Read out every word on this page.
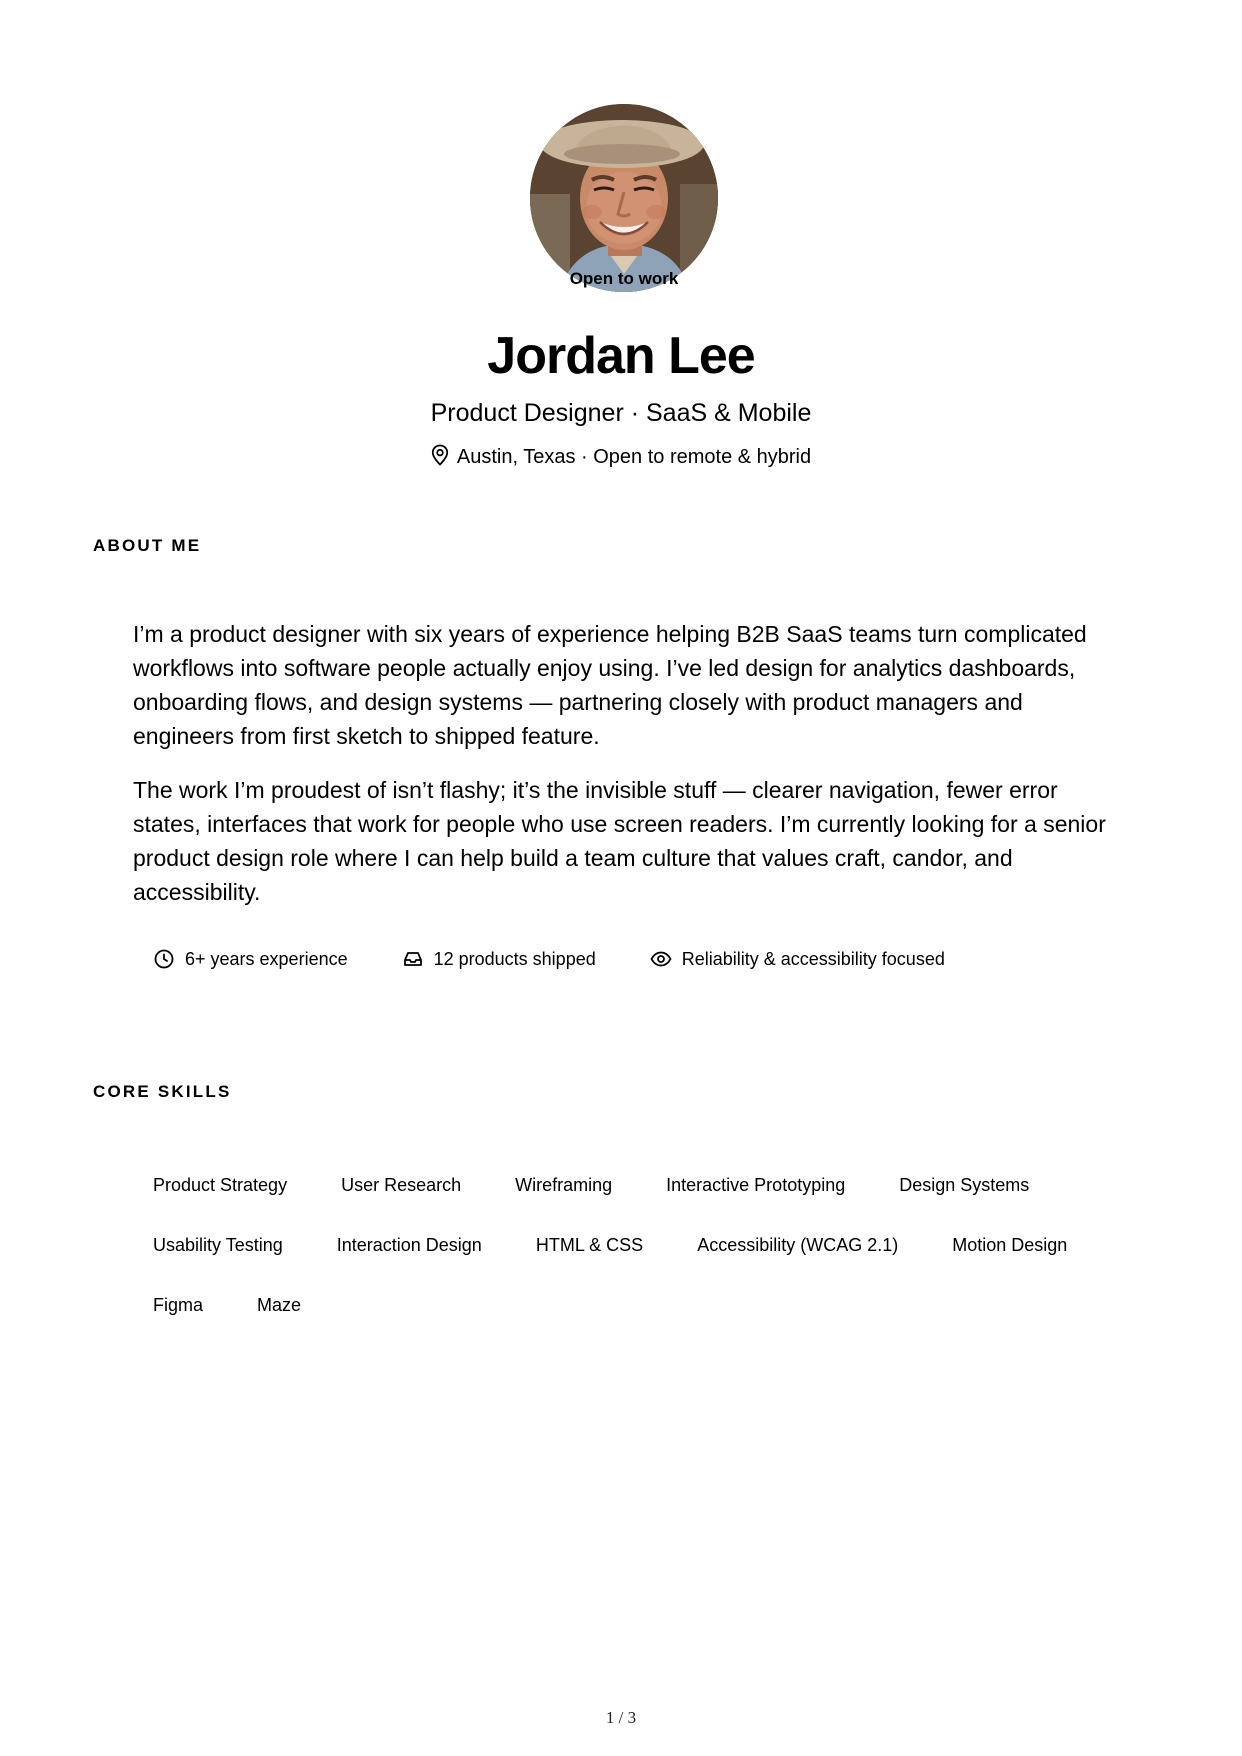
Open to work
Jordan Lee
Product Designer · SaaS & Mobile
Austin, Texas · Open to remote & hybrid
ABOUT ME

I’m a product designer with six years of experience helping B2B SaaS teams turn complicated workflows into software people actually enjoy using. I’ve led design for analytics dashboards, onboarding flows, and design systems — partnering closely with product managers and engineers from first sketch to shipped feature.

The work I’m proudest of isn’t flashy; it’s the invisible stuff — clearer navigation, fewer error states, interfaces that work for people who use screen readers. I’m currently looking for a senior product design role where I can help build a team culture that values craft, candor, and accessibility.

6+ years experience	12 products shipped	Reliability & accessibility focused
CORE SKILLS
Product Strategy	User Research	Wireframing	Interactive Prototyping	Design Systems
Usability Testing	Interaction Design	HTML & CSS	Accessibility (WCAG 2.1)	Motion Design
Figma	Maze
1 / 3
